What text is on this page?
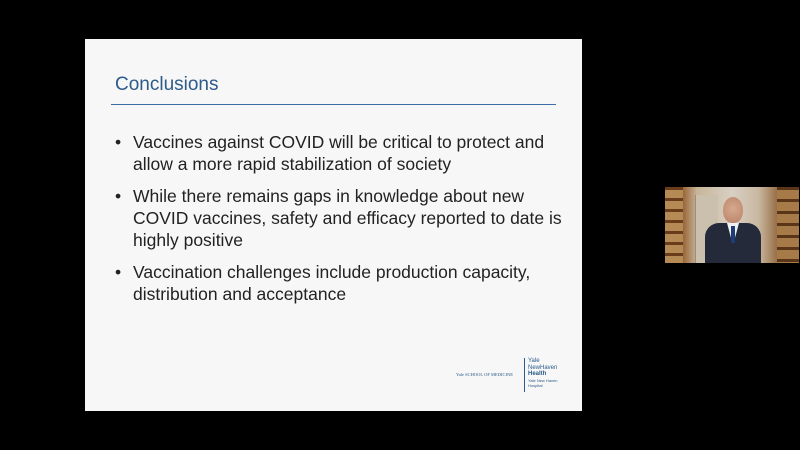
Conclusions
• Vaccines against COVID will be critical to protect and allow a more rapid stabilization of society
• While there remains gaps in knowledge about new COVID vaccines, safety and efficacy reported to date is highly positive
• Vaccination challenges include production capacity, distribution and acceptance
Yale SCHOOL OF MEDICINE
Yale
NewHaven
Health
Yale New Haven
Hospital
